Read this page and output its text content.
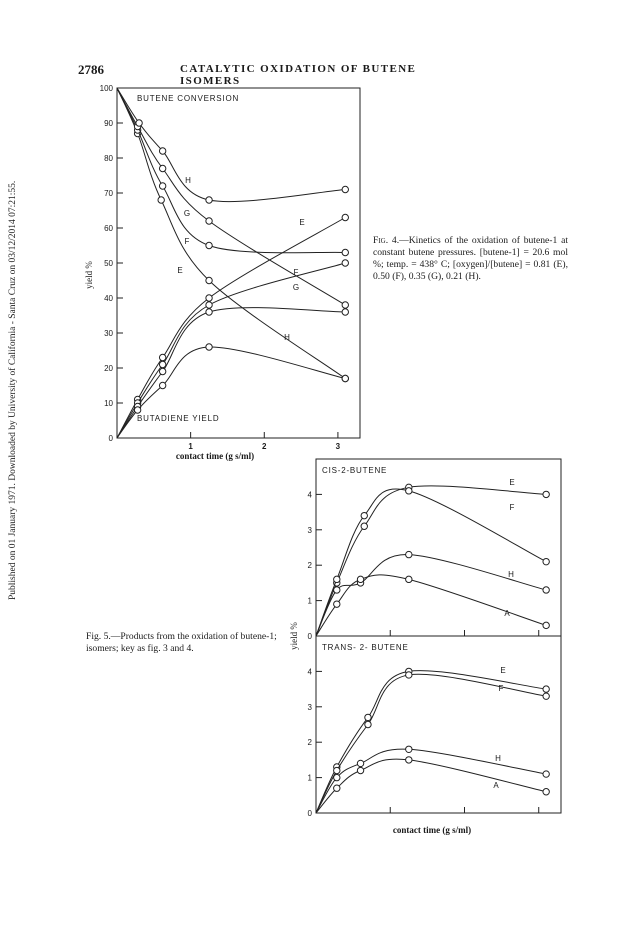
2786	CATALYTIC OXIDATION OF BUTENE ISOMERS
Published on 01 January 1971. Downloaded by University of California - Santa Cruz on 03/12/2014 07:21:55.	0
10
20
30
40
50
60
70
80
90
100
1	2	3
BUTENE CONVERSION
BUTADIENE YIELD
contact time (g s/ml)
yield %
H
G
F
E
E
F
G
H
0
1
2
3
4
CIS-2-BUTENE
E
F
H
A
0
1
2
3
4
TRANS- 2- BUTENE
E
F
H
A
contact time (g s/ml)
yield %
Fig. 4.—Kinetics of the oxidation of butene-1 at constant butene pressures. [butene-1] = 20.6 mol %; temp. = 438° C; [oxygen]/[butene] = 0.81 (E), 0.50 (F), 0.35 (G), 0.21 (H).
Fig. 5.—Products from the oxidation of butene-1; isomers; key as fig. 3 and 4.
